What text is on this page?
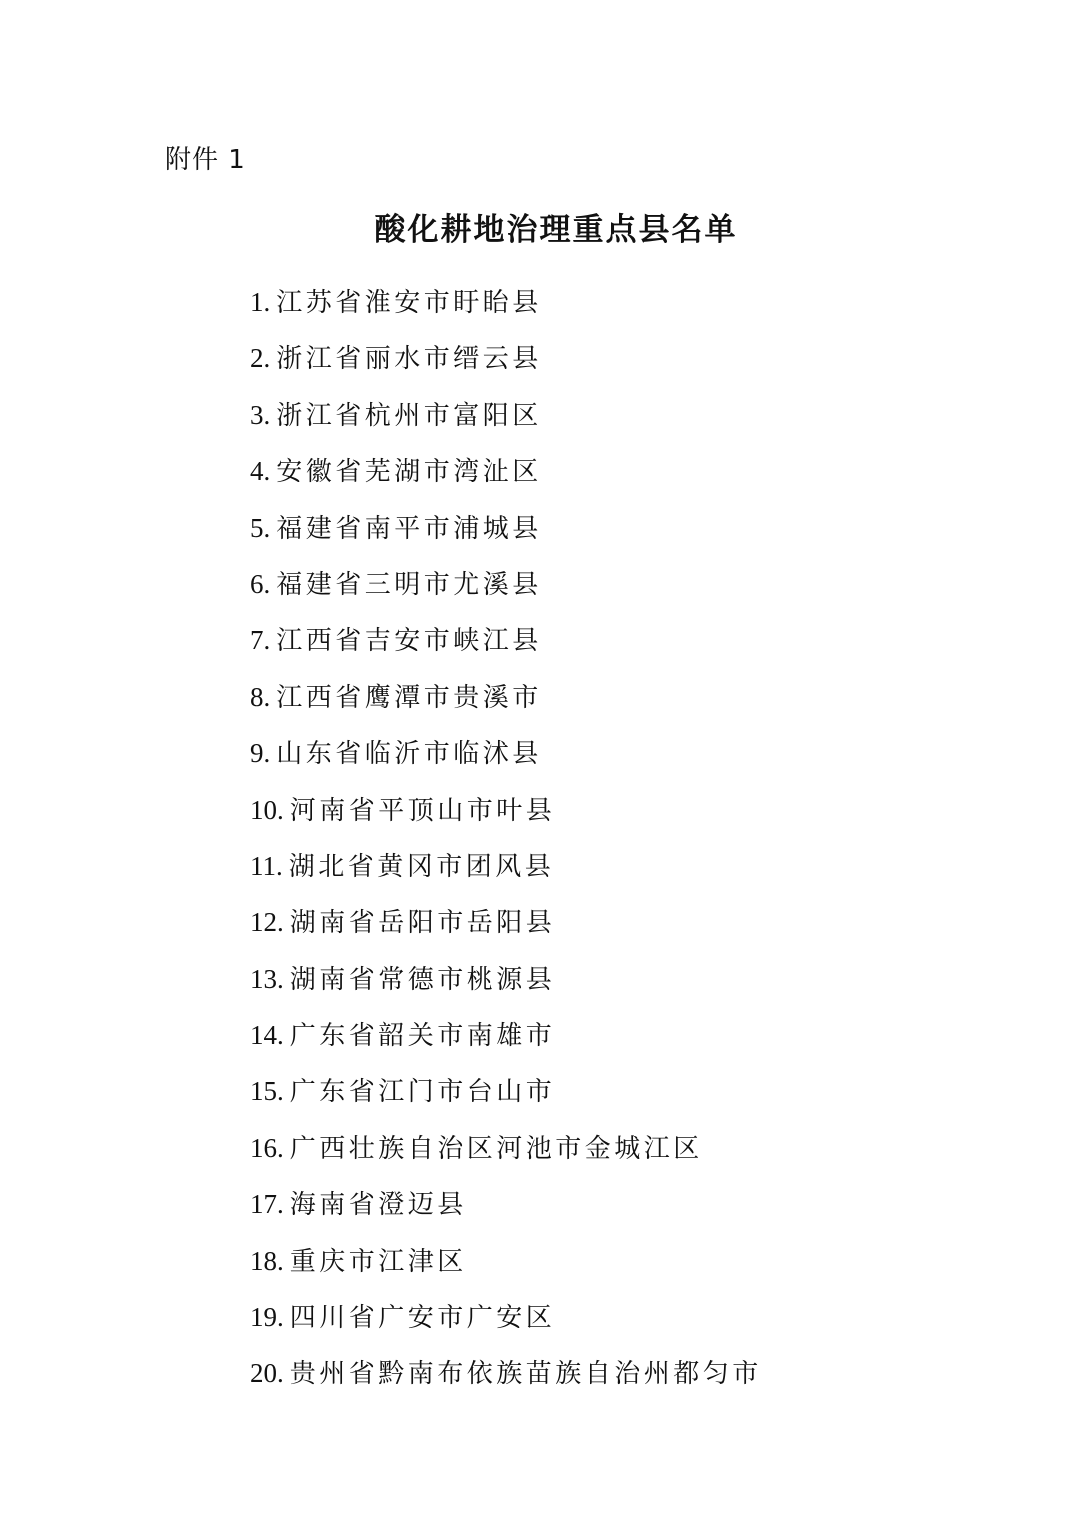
附件 1
酸化耕地治理重点县名单
1. 江苏省淮安市盱眙县
2. 浙江省丽水市缙云县
3. 浙江省杭州市富阳区
4. 安徽省芜湖市湾沚区
5. 福建省南平市浦城县
6. 福建省三明市尤溪县
7. 江西省吉安市峡江县
8. 江西省鹰潭市贵溪市
9. 山东省临沂市临沭县
10. 河南省平顶山市叶县
11. 湖北省黄冈市团风县
12. 湖南省岳阳市岳阳县
13. 湖南省常德市桃源县
14. 广东省韶关市南雄市
15. 广东省江门市台山市
16. 广西壮族自治区河池市金城江区
17. 海南省澄迈县
18. 重庆市江津区
19. 四川省广安市广安区
20. 贵州省黔南布依族苗族自治州都匀市
